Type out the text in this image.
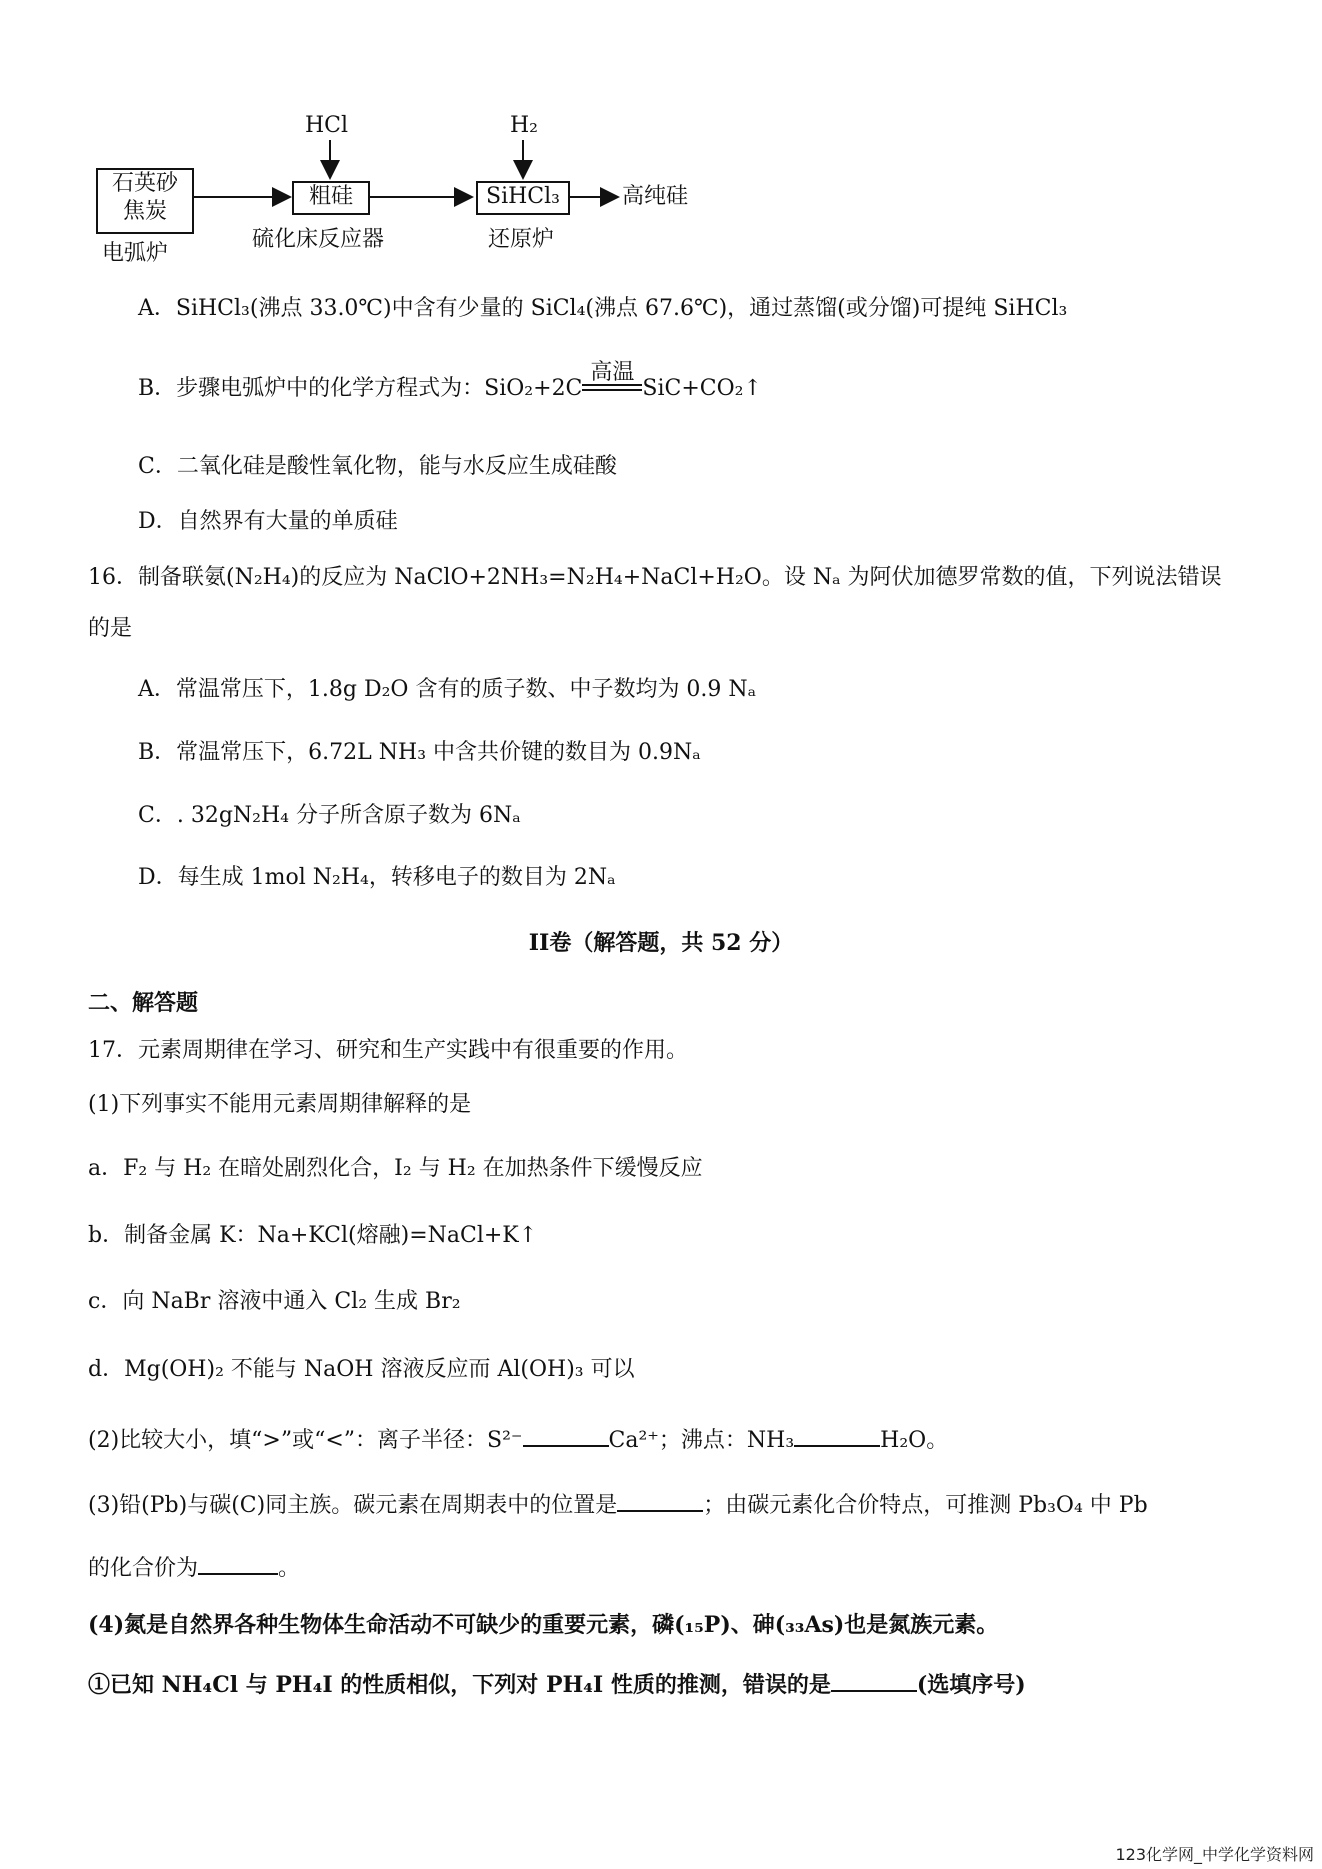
石英砂
焦炭
粗硅	SiHCl₃
HCl	H₂
高纯硅
电弧炉
硫化床反应器	还原炉
A．SiHCl₃(沸点 33.0℃)中含有少量的 SiCl₄(沸点 67.6℃)，通过蒸馏(或分馏)可提纯 SiHCl₃
B．步骤电弧炉中的化学方程式为：SiO₂+2C
高温
SiC+CO₂↑
C．二氧化硅是酸性氧化物，能与水反应生成硅酸
D．自然界有大量的单质硅
16．制备联氨(N₂H₄)的反应为 NaClO+2NH₃=N₂H₄+NaCl+H₂O。设 Nₐ 为阿伏加德罗常数的值，下列说法错误
的是
A．常温常压下，1.8g D₂O 含有的质子数、中子数均为 0.9 Nₐ
B．常温常压下，6.72L NH₃ 中含共价键的数目为 0.9Nₐ
C．. 32gN₂H₄ 分子所含原子数为 6Nₐ
D．每生成 1mol N₂H₄，转移电子的数目为 2Nₐ
II卷（解答题，共 52 分）
二、解答题
17．元素周期律在学习、研究和生产实践中有很重要的作用。
(1)下列事实不能用元素周期律解释的是
a．F₂ 与 H₂ 在暗处剧烈化合，I₂ 与 H₂ 在加热条件下缓慢反应
b．制备金属 K：Na+KCl(熔融)=NaCl+K↑
c．向 NaBr 溶液中通入 Cl₂ 生成 Br₂
d．Mg(OH)₂ 不能与 NaOH 溶液反应而 Al(OH)₃ 可以
(2)比较大小，填“>”或“<”：离子半径：S²⁻	Ca²⁺；沸点：NH₃	H₂O。
(3)铅(Pb)与碳(C)同主族。碳元素在周期表中的位置是	；由碳元素化合价特点，可推测 Pb₃O₄ 中 Pb
的化合价为	。
(4)氮是自然界各种生物体生命活动不可缺少的重要元素，磷(₁₅P)、砷(₃₃As)也是氮族元素。
①已知 NH₄Cl 与 PH₄I 的性质相似，下列对 PH₄I 性质的推测，错误的是	(选填序号)
123化学网_中学化学资料网
